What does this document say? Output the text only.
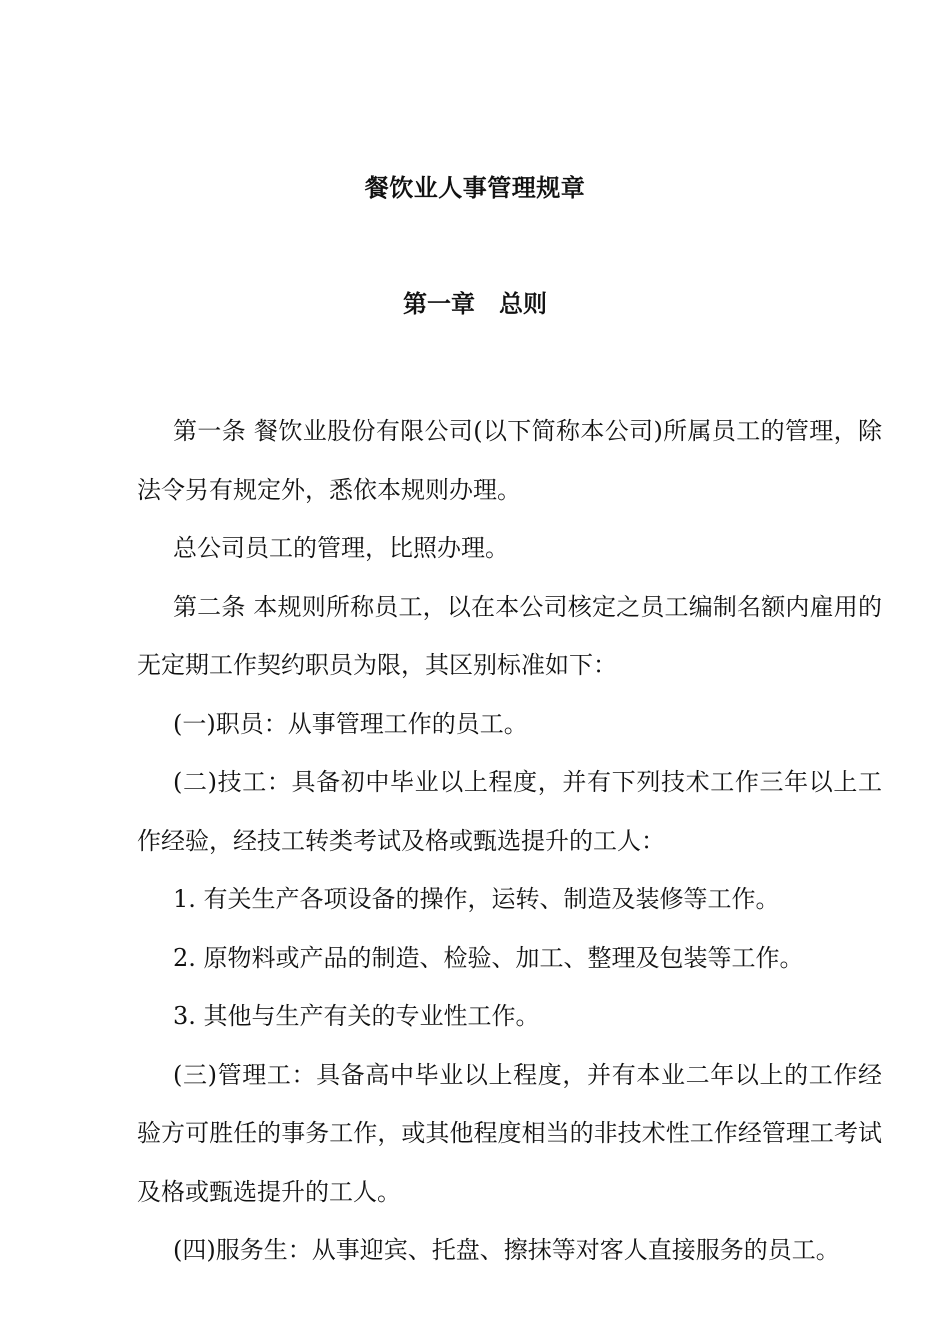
餐饮业人事管理规章
第一章　总则

第一条 餐饮业股份有限公司(以下简称本公司)所属员工的管理，除法令另有规定外，悉依本规则办理。

总公司员工的管理，比照办理。

第二条 本规则所称员工，以在本公司核定之员工编制名额内雇用的无定期工作契约职员为限，其区别标准如下：

(一)职员：从事管理工作的员工。

(二)技工：具备初中毕业以上程度，并有下列技术工作三年以上工作经验，经技工转类考试及格或甄选提升的工人：

1. 有关生产各项设备的操作，运转、制造及装修等工作。

2. 原物料或产品的制造、检验、加工、整理及包装等工作。

3. 其他与生产有关的专业性工作。

(三)管理工：具备高中毕业以上程度，并有本业二年以上的工作经验方可胜任的事务工作，或其他程度相当的非技术性工作经管理工考试及格或甄选提升的工人。

(四)服务生：从事迎宾、托盘、擦抹等对客人直接服务的员工。
